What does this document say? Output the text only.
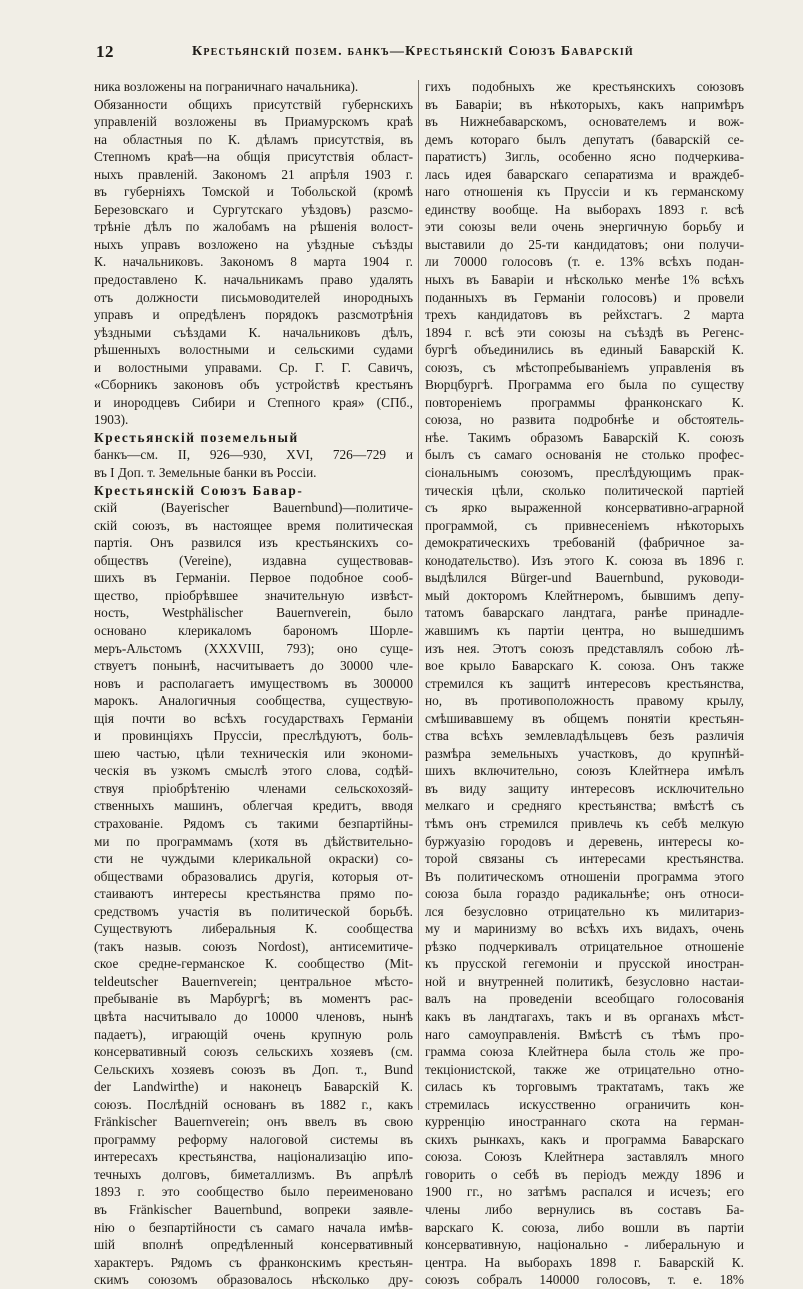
12	Крестьянскiй позем. банкъ—Крестьянскiй Союзъ Баварскiй
ника возложены на пограничнаго начальника).
Обязанности общихъ присутствiй губернскихъ
управленiй возложены въ Приамурскомъ краѣ
на областныя по К. дѣламъ присутствiя, въ
Степномъ краѣ—на общiя присутствiя област-
ныхъ правленiй. Закономъ 21 апрѣля 1903 г.
въ губернiяхъ Томской и Тобольской (кромѣ
Березовскаго и Сургутскаго уѣздовъ) разсмо-
трѣнiе дѣлъ по жалобамъ на рѣшенiя волост-
ныхъ управъ возложено на уѣздные съѣзды
К. начальниковъ. Закономъ 8 марта 1904 г.
предоставлено К. начальникамъ право удалять
отъ должности письмоводителей инородныхъ
управъ и опредѣленъ порядокъ разсмотрѣнiя
уѣздными съѣздами К. начальниковъ дѣлъ,
рѣшенныхъ волостными и сельскими судами
и волостными управами. Ср. Г. Г. Савичъ,
«Сборникъ законовъ объ устройствѣ крестьянъ
и инородцевъ Сибири и Степного края» (СПб.,
1903).
Крестьянскiй поземельный
банкъ—см. II, 926—930, XVI, 726—729 и
въ I Доп. т. Земельные банки въ Россiи.
Крестьянскiй Союзъ Бавар-
скiй (Bayerischer Bauernbund)—политиче-
скiй союзъ, въ настоящее время политическая
партiя. Онъ развился изъ крестьянскихъ со-
обществъ (Vereine), издавна существовав-
шихъ въ Германiи. Первое подобное сооб-
щество, прiобрѣвшее значительную извѣст-
ность, Westphälischer Bauernverein, было
основано клерикаломъ барономъ Шорле-
меръ-Альстомъ (XXXVIII, 793); оно суще-
ствуетъ понынѣ, насчитываетъ до 30000 чле-
новъ и располагаетъ имуществомъ въ 300000
марокъ. Аналогичныя сообщества, существую-
щiя почти во всѣхъ государствахъ Германiи
и провинцiяхъ Пруссiи, преслѣдуютъ, боль-
шею частью, цѣли техническiя или экономи-
ческiя въ узкомъ смыслѣ этого слова, содѣй-
ствуя прiобрѣтенiю членами сельскохозяй-
ственныхъ машинъ, облегчая кредитъ, вводя
страхованiе. Рядомъ съ такими безпартiйны-
ми по программамъ (хотя въ дѣйствительно-
сти не чуждыми клерикальной окраски) со-
обществами образовались другiя, которыя от-
стаиваютъ интересы крестьянства прямо по-
средствомъ участiя въ политической борьбѣ.
Существуютъ либеральныя К. сообщества
(такъ назыв. союзъ Nordost), антисемитиче-
ское средне-германское К. сообщество (Mit-
teldeutscher Bauernverein; центральное мѣсто-
пребыванiе въ Марбургѣ; въ моментъ рас-
цвѣта насчитывало до 10000 членовъ, нынѣ
падаетъ), играющiй очень крупную роль
консервативный союзъ сельскихъ хозяевъ (см.
Сельскихъ хозяевъ союзъ въ Доп. т., Bund
der Landwirthe) и наконецъ Баварскiй К.
союзъ. Послѣднiй основанъ въ 1882 г., какъ
Fränkischer Bauernverein; онъ ввелъ въ свою
программу реформу налоговой системы въ
интересахъ крестьянства, нацiонализацiю ипо-
течныхъ долговъ, биметаллизмъ. Въ апрѣлѣ
1893 г. это сообщество было переименовано
въ Fränkischer Bauernbund, вопреки заявле-
нiю о безпартiйности съ самаго начала имѣв-
шiй вполнѣ опредѣленный консервативный
характеръ. Рядомъ съ франконскимъ крестьян-
скимъ союзомъ образовалось нѣсколько дру-
гихъ подобныхъ же крестьянскихъ союзовъ
въ Баварiи; въ нѣкоторыхъ, какъ напримѣръ
въ Нижнебаварскомъ, основателемъ и вож-
демъ котораго былъ депутатъ (баварскiй се-
паратистъ) Зигль, особенно ясно подчеркива-
лась идея баварскаго сепаратизма и враждеб-
наго отношенiя къ Пруссiи и къ германскому
единству вообще. На выборахъ 1893 г. всѣ
эти союзы вели очень энергичную борьбу и
выставили до 25-ти кандидатовъ; они получи-
ли 70000 голосовъ (т. е. 13% всѣхъ подан-
ныхъ въ Баварiи и нѣсколько менѣе 1% всѣхъ
поданныхъ въ Германiи голосовъ) и провели
трехъ кандидатовъ въ рейхстагъ. 2 марта
1894 г. всѣ эти союзы на съѣздѣ въ Регенс-
бургѣ объединились въ единый Баварскiй К.
союзъ, съ мѣстопребыванiемъ управленiя въ
Вюрцбургѣ. Программа его была по существу
повторенiемъ программы франконскаго К.
союза, но развита подробнѣе и обстоятель-
нѣе. Такимъ образомъ Баварскiй К. союзъ
былъ съ самаго основанiя не столько профес-
сiональнымъ союзомъ, преслѣдующимъ прак-
тическiя цѣли, сколько политической партiей
съ ярко выраженной консервативно-аграрной
программой, съ привнесенiемъ нѣкоторыхъ
демократическихъ требованiй (фабричное за-
конодательство). Изъ этого К. союза въ 1896 г.
выдѣлился Bürger-und Bauernbund, руководи-
мый докторомъ Клейтнеромъ, бывшимъ депу-
татомъ баварскаго ландтага, ранѣе принадле-
жавшимъ къ партiи центра, но вышедшимъ
изъ нея. Этотъ союзъ представлялъ собою лѣ-
вое крыло Баварскаго К. союза. Онъ также
стремился къ защитѣ интересовъ крестьянства,
но, въ противоположность правому крылу,
смѣшивавшему въ общемъ понятiи крестьян-
ства всѣхъ землевладѣльцевъ безъ различiя
размѣра земельныхъ участковъ, до крупнѣй-
шихъ включительно, союзъ Клейтнера имѣлъ
въ виду защиту интересовъ исключительно
мелкаго и средняго крестьянства; вмѣстѣ съ
тѣмъ онъ стремился привлечь къ себѣ мелкую
буржуазiю городовъ и деревень, интересы ко-
торой связаны съ интересами крестьянства.
Въ политическомъ отношенiи программа этого
союза была гораздо радикальнѣе; онъ относи-
лся безусловно отрицательно къ милитариз-
му и маринизму во всѣхъ ихъ видахъ, очень
рѣзко подчеркивалъ отрицательное отношенiе
къ прусской гегемонiи и прусской иностран-
ной и внутренней политикѣ, безусловно настаи-
валъ на проведенiи всеобщаго голосованiя
какъ въ ландтагахъ, такъ и въ органахъ мѣст-
наго самоуправленiя. Вмѣстѣ съ тѣмъ про-
грамма союза Клейтнера была столь же про-
текцiонистской, также же отрицательно отно-
силась къ торговымъ трактатамъ, такъ же
стремилась искусственно ограничить кон-
курренцiю иностраннаго скота на герман-
скихъ рынкахъ, какъ и программа Баварскаго
союза. Союзъ Клейтнера заставлялъ много
говорить о себѣ въ перiодъ между 1896 и
1900 гг., но затѣмъ распался и исчезъ; его
члены либо вернулись въ составъ Ба-
варскаго К. союза, либо вошли въ партiи
консервативную, нацiонально - либеральную и
центра. На выборахъ 1898 г. Баварскiй К.
союзъ собралъ 140000 голосовъ, т. е. 18%
